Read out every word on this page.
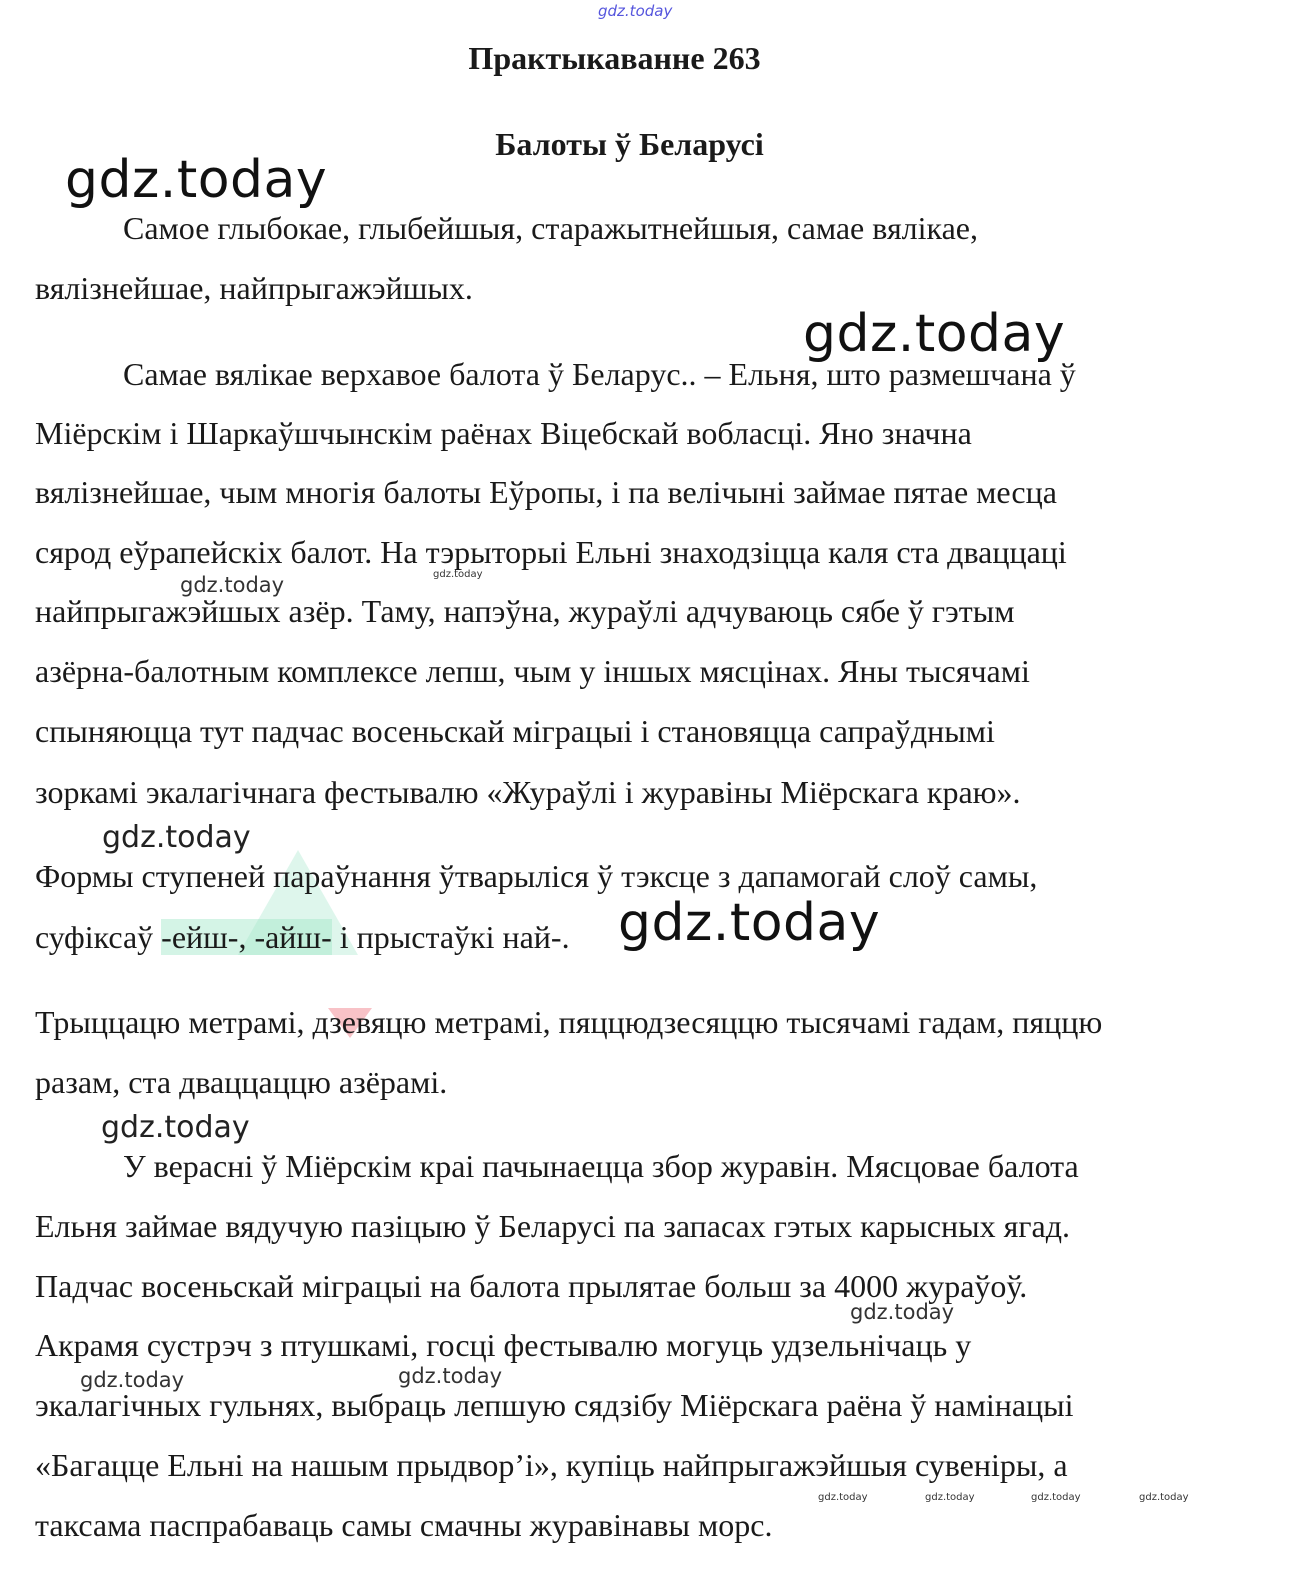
gdz.today
gdz.today
gdz.today
gdz.today	gdz.today
gdz.today
gdz.today
gdz.today
gdz.today
gdz.today	gdz.today
gdz.today	gdz.today	gdz.today	gdz.today
Практыкаванне 263
Балоты ў Беларусі
Самое глыбокае, глыбейшыя, старажытнейшыя, самае вялікае,
вялізнейшае, найпрыгажэйшых.
Самае вялікае верхавое балота ў Беларус.. – Ельня, што размешчана ў
Міёрскім і Шаркаўшчынскім раёнах Віцебскай вобласці. Яно значна
вялізнейшае, чым многія балоты Еўропы, і па велічыні займае пятае месца
сярод еўрапейскіх балот. На тэрыторыі Ельні знаходзіцца каля ста дваццаці
найпрыгажэйшых азёр. Таму, напэўна, жураўлі адчуваюць сябе ў гэтым
азёрна-балотным комплексе лепш, чым у іншых мясцінах. Яны тысячамі
спыняюцца тут падчас восеньскай міграцыі і становяцца сапраўднымі
зоркамі экалагічнага фестывалю «Жураўлі і журавіны Міёрскага краю».
Формы ступеней параўнання ўтварыліся ў тэксце з дапамогай слоў самы,
суфіксаў -ейш-, -айш- і прыстаўкі най-.
Трыццацю метрамі, дзевяцю метрамі, пяццюдзесяццю тысячамі гадам, пяццю
разам, ста дваццаццю азёрамі.
У верасні ў Міёрскім краі пачынаецца збор журавін. Мясцовае балота
Ельня займае вядучую пазіцыю ў Беларусі па запасах гэтых карысных ягад.
Падчас восеньскай міграцыі на балота прылятае больш за 4000 жураўоў.
Акрамя сустрэч з птушкамі, госці фестывалю могуць удзельнічаць у
экалагічных гульнях, выбраць лепшую сядзібу Міёрскага раёна ў намінацыі
«Багацце Ельні на нашым прыдвор’і», купіць найпрыгажэйшыя сувеніры, а
таксама паспрабаваць самы смачны журавінавы морс.
